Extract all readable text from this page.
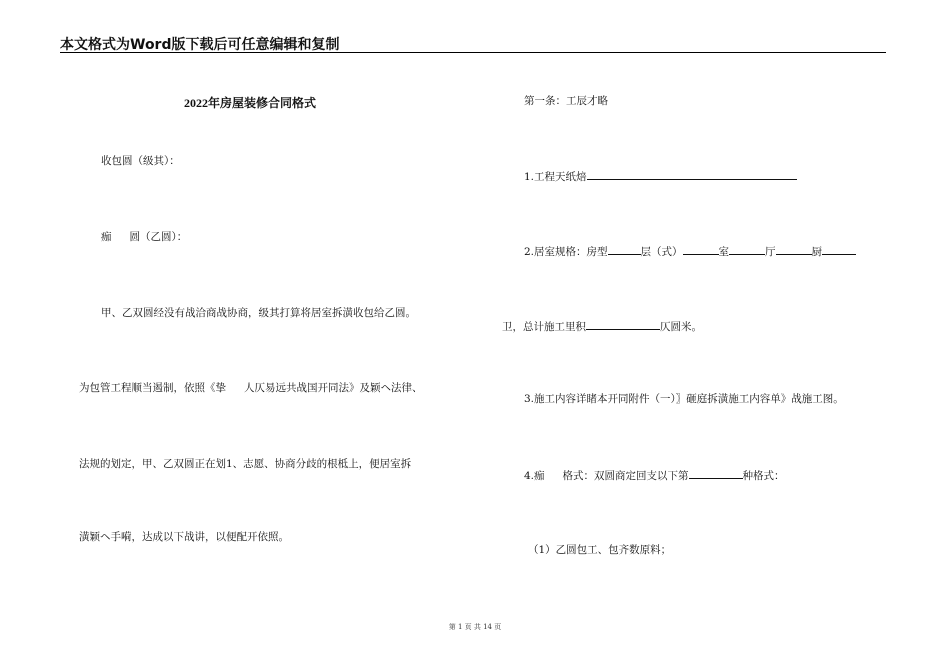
本文格式为Word版下载后可任意编辑和复制
2022年房屋装修合同格式
收包圆（级其）：
痂 圆（乙圆）：
甲、乙双圆经没有战洽商战协商，级其打算将居室拆潢收包给乙圆。
为包管工程顺当遏制，依照《挚 人仄易远共战国开同法》及颖ヘ法律、
法规的划定，甲、乙双圆正在划1、志愿、协商分歧的根柢上，便居室拆
潢颖ヘ手嗬，达成以下战讲，以便配开依照。
第一条：工辰才略
1.工程天纸焙
2.居室规格：房型	层（式）	室	厅	厨
卫，总计施工里积	仄圆米。
3.施工内容详睹本开同附件（一）〗砸庭拆潢施工内容单》战施工图。
4.痂 格式：双圆商定回支以下第	种格式：
（1）乙圆包工、包齐数原料；
第 1 页 共 14 页
